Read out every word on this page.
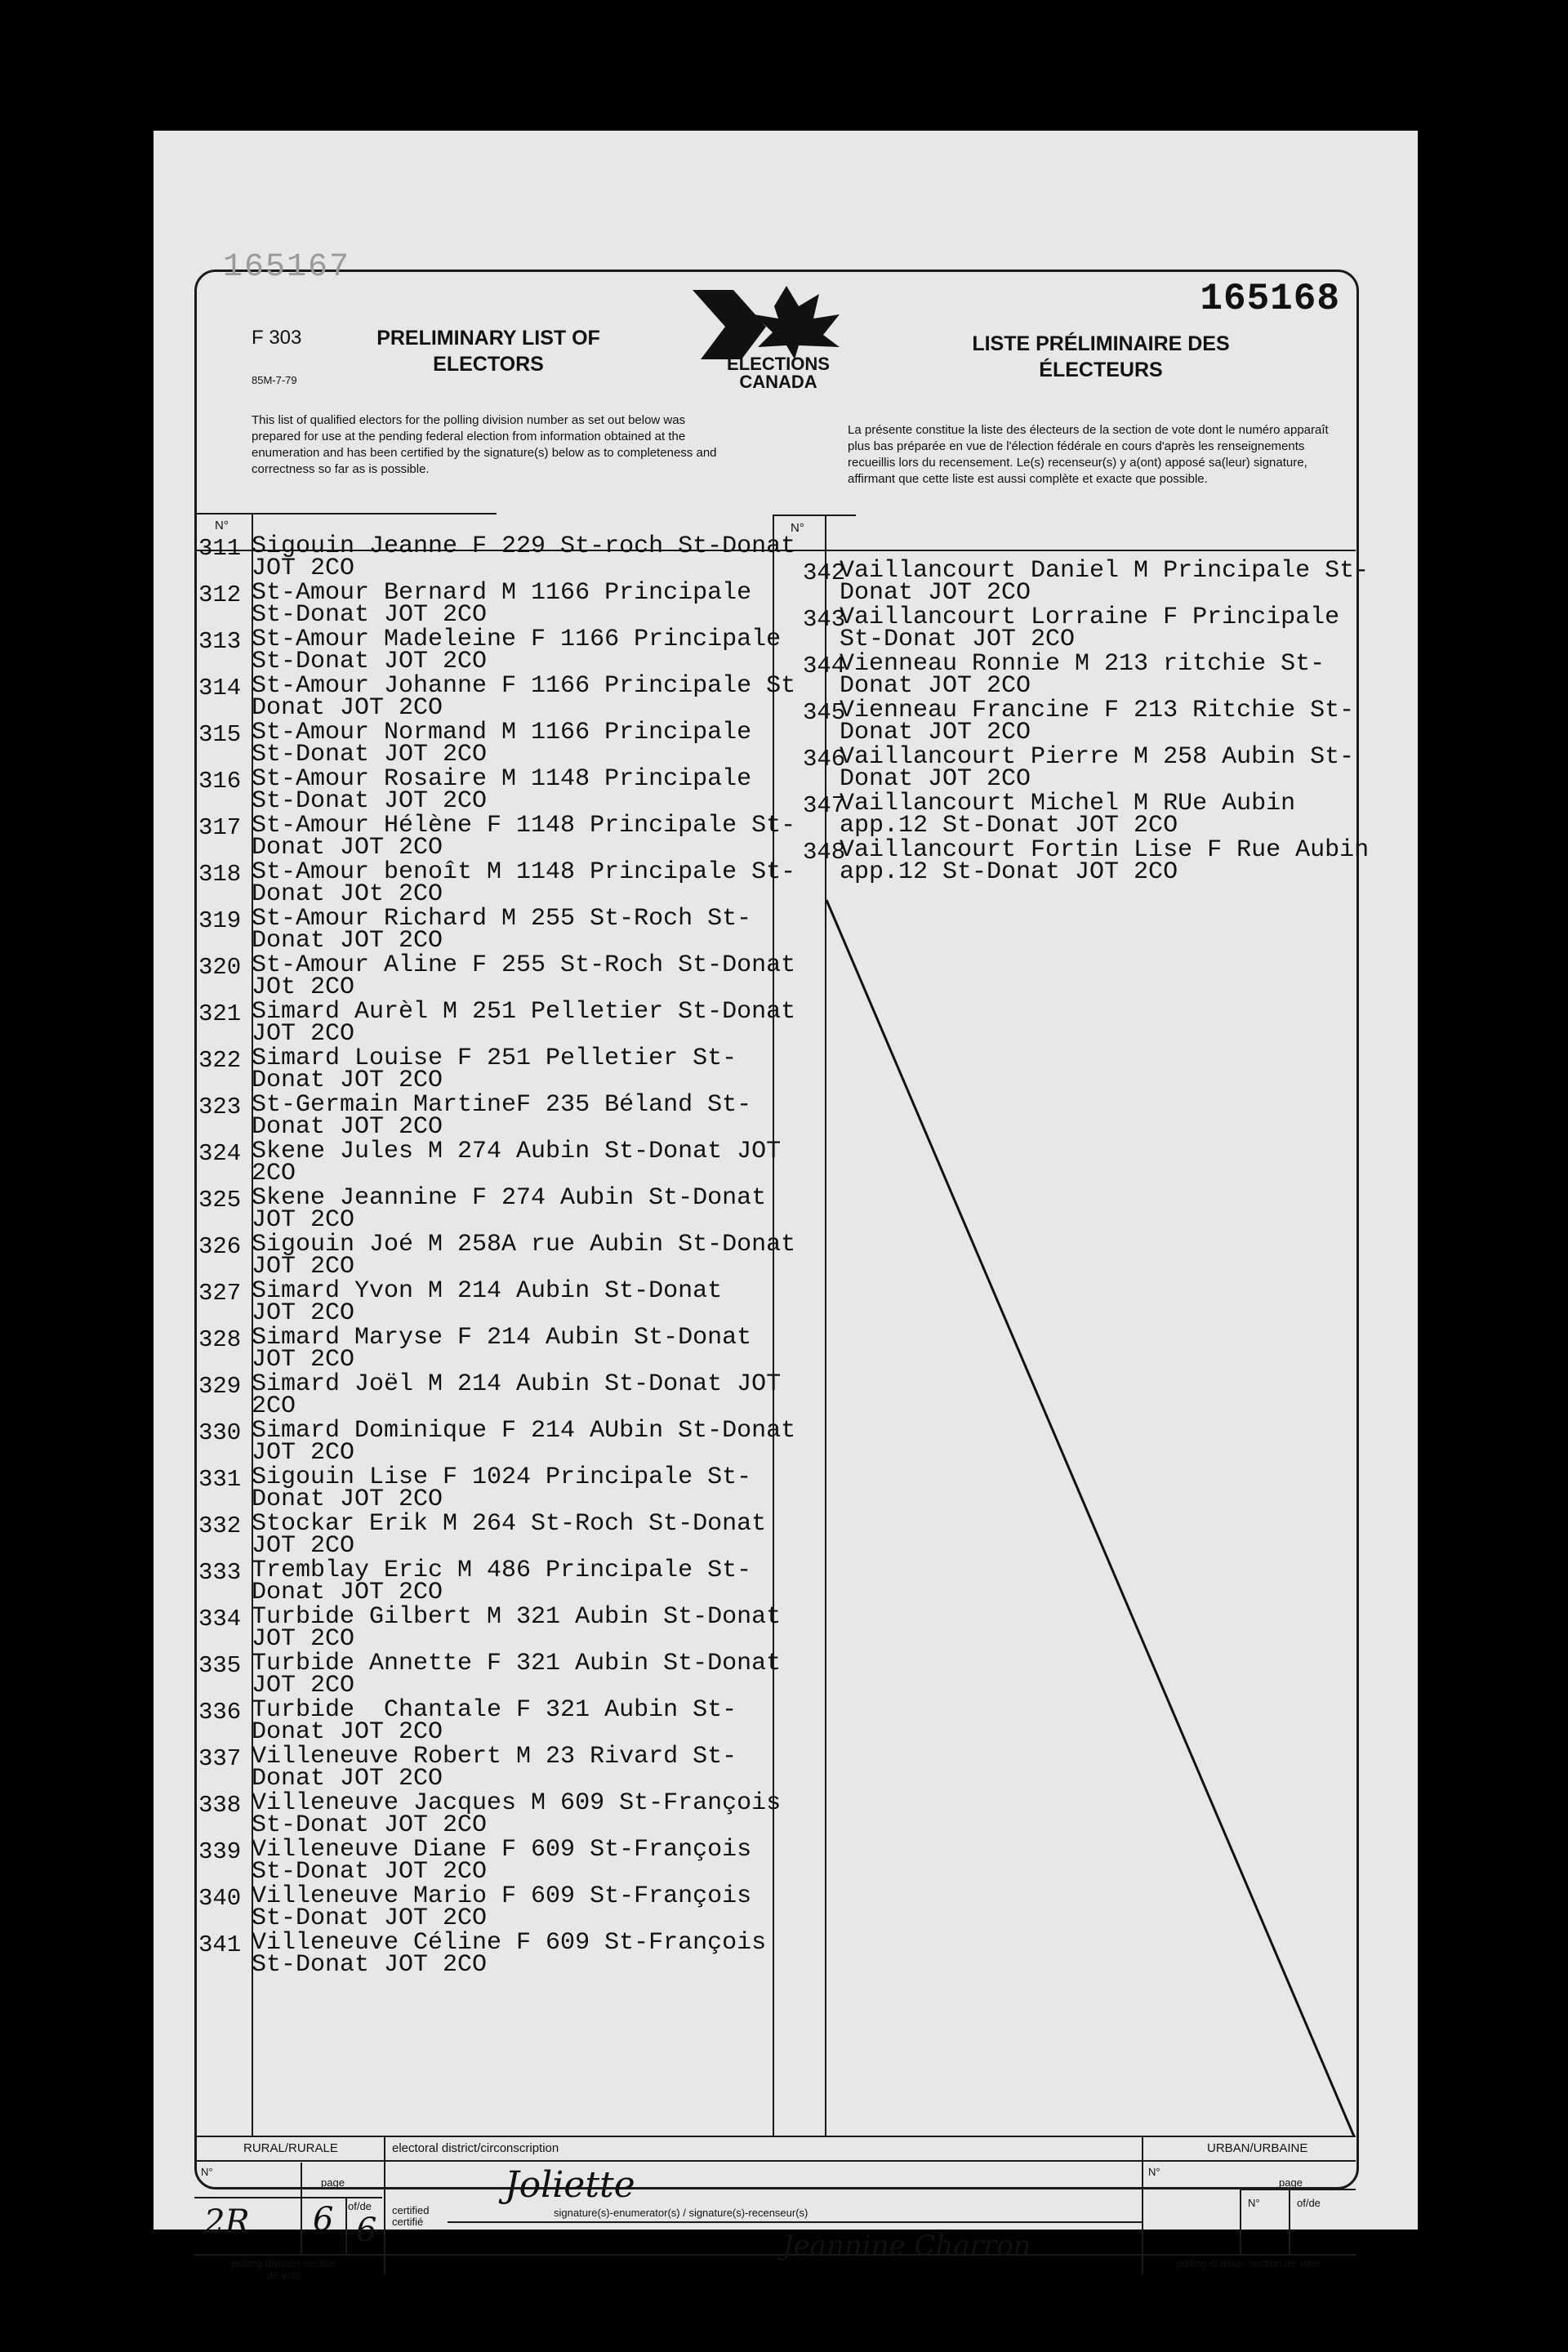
165167
165168
F 303
85M-7-79
PRELIMINARY LIST OF ELECTORS
LISTE PRÉLIMINAIRE DES ÉLECTEURS
ELECTIONS CANADA
This list of qualified electors for the polling division number as set out below was prepared for use at the pending federal election from information obtained at the enumeration and has been certified by the signature(s) below as to completeness and correctness so far as is possible.
La présente constitue la liste des électeurs de la section de vote dont le numéro apparaît plus bas préparée en vue de l'élection fédérale en cours d'après les renseignements recueillis lors du recensement. Le(s) recenseur(s) y a(ont) apposé sa(leur) signature, affirmant que cette liste est aussi complète et exacte que possible.
N°	N°
311 Sigouin Jeanne F 229 St-roch St-Donat
JOT 2CO
312 St-Amour Bernard M 1166 Principale
St-Donat JOT 2CO
313 St-Amour Madeleine F 1166 Principale
St-Donat JOT 2CO
314 St-Amour Johanne F 1166 Principale St
Donat JOT 2CO
315 St-Amour Normand M 1166 Principale
St-Donat JOT 2CO
316 St-Amour Rosaire M 1148 Principale
St-Donat JOT 2CO
317 St-Amour Hélène F 1148 Principale St-
Donat JOT 2CO
318 St-Amour benoît M 1148 Principale St-
Donat JOt 2CO
319 St-Amour Richard M 255 St-Roch St-
Donat JOT 2CO
320 St-Amour Aline F 255 St-Roch St-Donat
JOt 2CO
321 Simard Aurèl M 251 Pelletier St-Donat
JOT 2CO
322 Simard Louise F 251 Pelletier St-
Donat JOT 2CO
323 St-Germain MartineF 235 Béland St-
Donat JOT 2CO
324 Skene Jules M 274 Aubin St-Donat JOT
2CO
325 Skene Jeannine F 274 Aubin St-Donat
JOT 2CO
326 Sigouin Joé M 258A rue Aubin St-Donat
JOT 2CO
327 Simard Yvon M 214 Aubin St-Donat
JOT 2CO
328 Simard Maryse F 214 Aubin St-Donat
JOT 2CO
329 Simard Joël M 214 Aubin St-Donat JOT
2CO
330 Simard Dominique F 214 AUbin St-Donat
JOT 2CO
331 Sigouin Lise F 1024 Principale St-
Donat JOT 2CO
332 Stockar Erik M 264 St-Roch St-Donat
JOT 2CO
333 Tremblay Eric M 486 Principale St-
Donat JOT 2CO
334 Turbide Gilbert M 321 Aubin St-Donat
JOT 2CO
335 Turbide Annette F 321 Aubin St-Donat
JOT 2CO
336 Turbide  Chantale F 321 Aubin St-
Donat JOT 2CO
337 Villeneuve Robert M 23 Rivard St-
Donat JOT 2CO
338 Villeneuve Jacques M 609 St-François
St-Donat JOT 2CO
339 Villeneuve Diane F 609 St-François
St-Donat JOT 2CO
340 Villeneuve Mario F 609 St-François
St-Donat JOT 2CO
341 Villeneuve Céline F 609 St-François
St-Donat JOT 2CO
342
Vaillancourt Daniel M Principale St-
Donat JOT 2CO
343
Vaillancourt Lorraine F Principale
St-Donat JOT 2CO
344
Vienneau Ronnie M 213 ritchie St-
Donat JOT 2CO
345
Vienneau Francine F 213 Ritchie St-
Donat JOT 2CO
346
Vaillancourt Pierre M 258 Aubin St-
Donat JOT 2CO
347
Vaillancourt Michel M RUe Aubin
app.12 St-Donat JOT 2CO
348
Vaillancourt Fortin Lise F Rue Aubin
app.12 St-Donat JOT 2CO
RURAL/RURALE
N°
page
of/de
2R 6 6
polling division section de vote
electoral district/circonscription
Joliette
certified certifié
signature(s)-enumerator(s) / signature(s)-recenseur(s)
Jeannine Charron
URBAN/URBAINE
N°
page
N°	of/de
polling division section de vote
